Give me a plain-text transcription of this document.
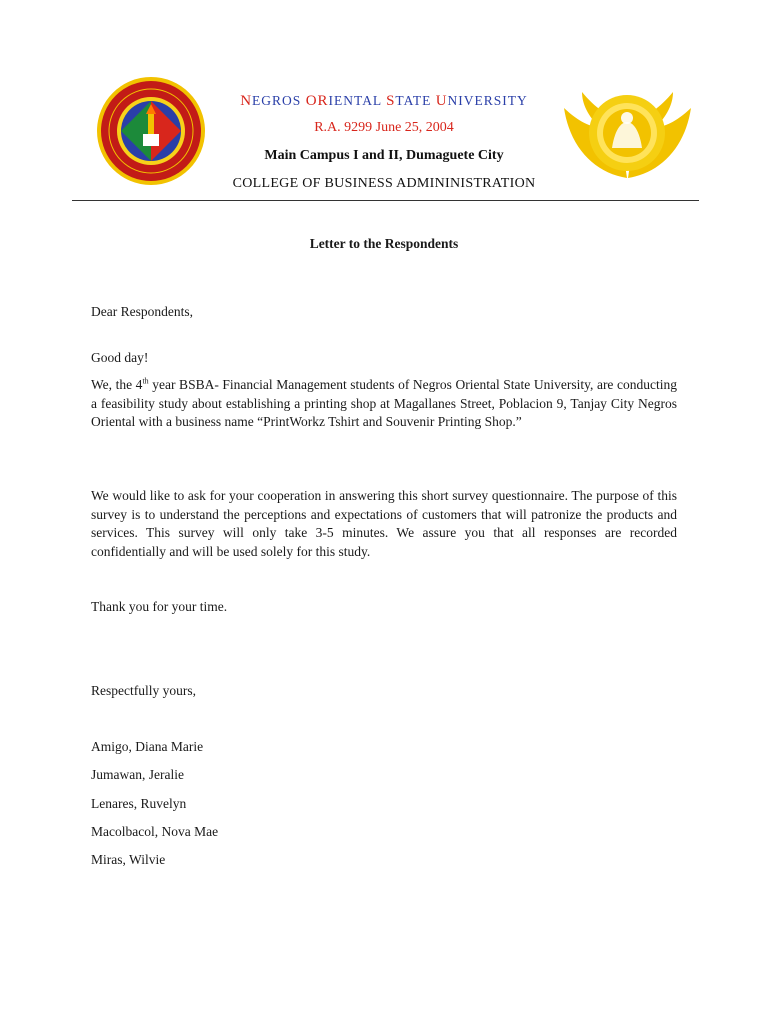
NEGROS ORIENTAL STATE UNIVERSITY
R.A. 9299 June 25, 2004
Main Campus I and II, Dumaguete City
COLLEGE OF BUSINESS ADMININISTRATION
Letter to the Respondents
Dear Respondents,
Good day!
We, the 4th year BSBA- Financial Management students of Negros Oriental State University, are conducting a feasibility study about establishing a printing shop at Magallanes Street, Poblacion 9, Tanjay City Negros Oriental with a business name “PrintWorkz Tshirt and Souvenir Printing Shop.”
We would like to ask for your cooperation in answering this short survey questionnaire. The purpose of this survey is to understand the perceptions and expectations of customers that will patronize the products and services. This survey will only take 3-5 minutes. We assure you that all responses are recorded confidentially and will be used solely for this study.
Thank you for your time.
Respectfully yours,
Amigo, Diana Marie
Jumawan, Jeralie
Lenares, Ruvelyn
Macolbacol, Nova Mae
Miras, Wilvie
